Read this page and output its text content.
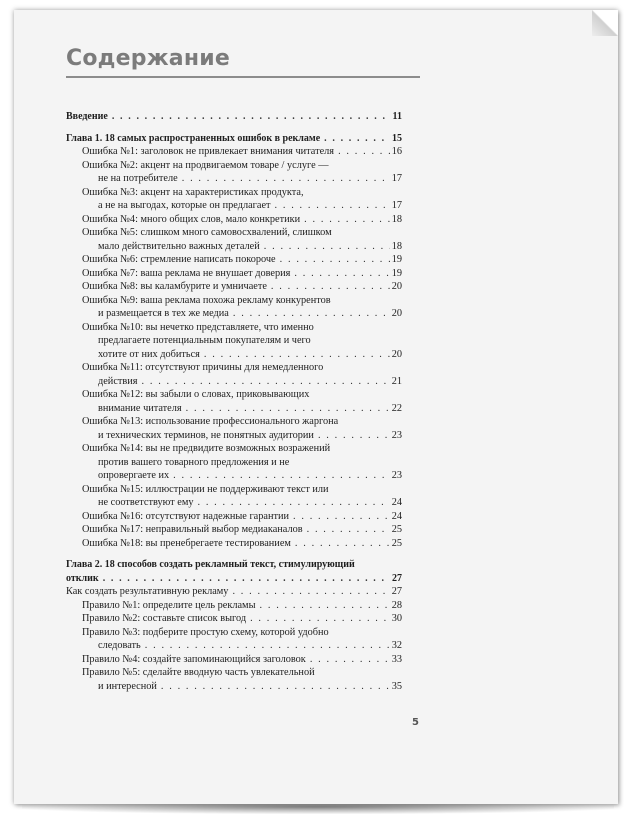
Содержание
Введение . . .	11
Глава 1. 18 самых распространенных ошибок в рекламе . . .	15
Ошибка №1: заголовок не привлекает внимания читателя . . .	16
Ошибка №2: акцент на продвигаемом товаре / услуге —
не на потребителе . . .	17
Ошибка №3: акцент на характеристиках продукта,
а не на выгодах, которые он предлагает . . .	17
Ошибка №4: много общих слов, мало конкретики . . .	18
Ошибка №5: слишком много самовосхвалений, слишком
мало действительно важных деталей . . .	18
Ошибка №6: стремление написать покороче . . .	19
Ошибка №7: ваша реклама не внушает доверия . . .	19
Ошибка №8: вы каламбурите и умничаете . . .	20
Ошибка №9: ваша реклама похожа рекламу конкурентов
и размещается в тех же медиа . . .	20
Ошибка №10: вы нечетко представляете, что именно
предлагаете потенциальным покупателям и чего
хотите от них добиться . . .	20
Ошибка №11: отсутствуют причины для немедленного
действия . . .	21
Ошибка №12: вы забыли о словах, приковывающих
внимание читателя . . .	22
Ошибка №13: использование профессионального жаргона
и технических терминов, не понятных аудитории . . .	23
Ошибка №14: вы не предвидите возможных возражений
против вашего товарного предложения и не
опровергаете их . . .	23
Ошибка №15: иллюстрации не поддерживают текст или
не соответствуют ему . . .	24
Ошибка №16: отсутствуют надежные гарантии . . .	24
Ошибка №17: неправильный выбор медиаканалов . . .	25
Ошибка №18: вы пренебрегаете тестированием . . .	25
Глава 2. 18 способов создать рекламный текст, стимулирующий
отклик . . .	27
Как создать результативную рекламу . . .	27
Правило №1: определите цель рекламы . . .	28
Правило №2: составьте список выгод . . .	30
Правило №3: подберите простую схему, которой удобно
следовать . . .	32
Правило №4: создайте запоминающийся заголовок . . .	33
Правило №5: сделайте вводную часть увлекательной
и интересной . . .	35
5
